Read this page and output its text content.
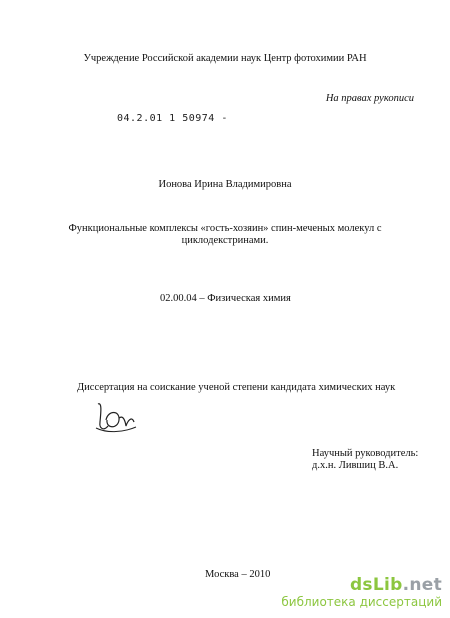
Учреждение Российской академии наук Центр фотохимии РАН
На правах рукописи
04.2.01 1 50974 -
Ионова Ирина Владимировна
Функциональные комплексы «гость-хозяин» спин-меченых молекул с циклодекстринами.
02.00.04 – Физическая химия
Диссертация на соискание ученой степени кандидата химических наук
Научный руководитель:
д.х.н. Лившиц В.А.
Москва – 2010
dsLib.net
библиотека диссертаций
